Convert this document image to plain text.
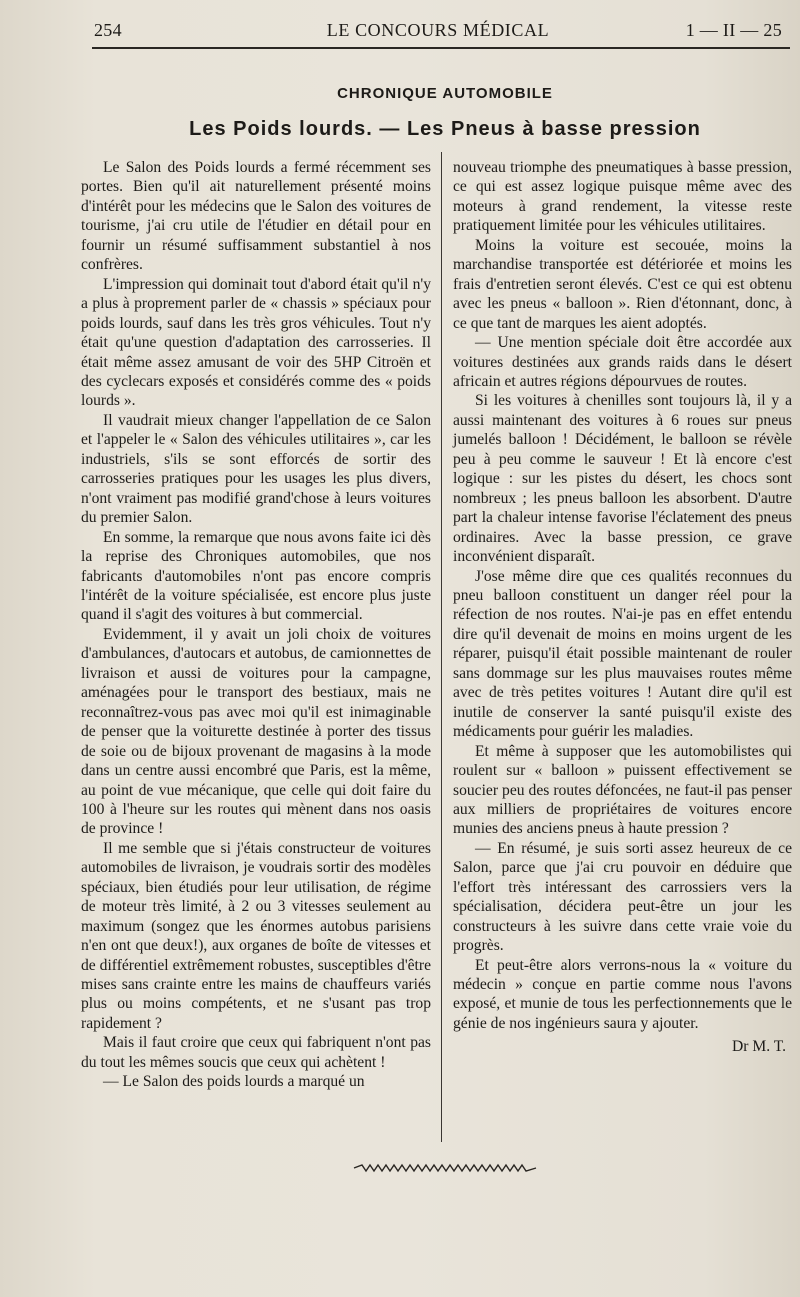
254	LE CONCOURS MÉDICAL	1 — II — 25
CHRONIQUE AUTOMOBILE
Les Poids lourds. — Les Pneus à basse pression

Le Salon des Poids lourds a fermé récemment ses portes. Bien qu'il ait naturellement présenté moins d'intérêt pour les médecins que le Salon des voitures de tourisme, j'ai cru utile de l'étudier en détail pour en fournir un résumé suffisamment substantiel à nos confrères.

L'impression qui dominait tout d'abord était qu'il n'y a plus à proprement parler de « chassis » spéciaux pour poids lourds, sauf dans les très gros véhicules. Tout n'y était qu'une question d'adaptation des carrosseries. Il était même assez amusant de voir des 5HP Citroën et des cyclecars exposés et considérés comme des « poids lourds ».

Il vaudrait mieux changer l'appellation de ce Salon et l'appeler le « Salon des véhicules utilitaires », car les industriels, s'ils se sont efforcés de sortir des carrosseries pratiques pour les usages les plus divers, n'ont vraiment pas modifié grand'chose à leurs voitures du premier Salon.

En somme, la remarque que nous avons faite ici dès la reprise des Chroniques automobiles, que nos fabricants d'automobiles n'ont pas encore compris l'intérêt de la voiture spécialisée, est encore plus juste quand il s'agit des voitures à but commercial.

Evidemment, il y avait un joli choix de voitures d'ambulances, d'autocars et autobus, de camionnettes de livraison et aussi de voitures pour la campagne, aménagées pour le transport des bestiaux, mais ne reconnaîtrez-vous pas avec moi qu'il est inimaginable de penser que la voiturette destinée à porter des tissus de soie ou de bijoux provenant de magasins à la mode dans un centre aussi encombré que Paris, est la même, au point de vue mécanique, que celle qui doit faire du 100 à l'heure sur les routes qui mènent dans nos oasis de province !

Il me semble que si j'étais constructeur de voitures automobiles de livraison, je voudrais sortir des modèles spéciaux, bien étudiés pour leur utilisation, de régime de moteur très limité, à 2 ou 3 vitesses seulement au maximum (songez que les énormes autobus parisiens n'en ont que deux!), aux organes de boîte de vitesses et de différentiel extrêmement robustes, susceptibles d'être mises sans crainte entre les mains de chauffeurs variés plus ou moins compétents, et ne s'usant pas trop rapidement ?

Mais il faut croire que ceux qui fabriquent n'ont pas du tout les mêmes soucis que ceux qui achètent !

— Le Salon des poids lourds a marqué un

nouveau triomphe des pneumatiques à basse pression, ce qui est assez logique puisque même avec des moteurs à grand rendement, la vitesse reste pratiquement limitée pour les véhicules utilitaires.

Moins la voiture est secouée, moins la marchandise transportée est détériorée et moins les frais d'entretien seront élevés. C'est ce qui est obtenu avec les pneus « balloon ». Rien d'étonnant, donc, à ce que tant de marques les aient adoptés.

— Une mention spéciale doit être accordée aux voitures destinées aux grands raids dans le désert africain et autres régions dépourvues de routes.

Si les voitures à chenilles sont toujours là, il y a aussi maintenant des voitures à 6 roues sur pneus jumelés balloon ! Décidément, le balloon se révèle peu à peu comme le sauveur ! Et là encore c'est logique : sur les pistes du désert, les chocs sont nombreux ; les pneus balloon les absorbent. D'autre part la chaleur intense favorise l'éclatement des pneus ordinaires. Avec la basse pression, ce grave inconvénient disparaît.

J'ose même dire que ces qualités reconnues du pneu balloon constituent un danger réel pour la réfection de nos routes. N'ai-je pas en effet entendu dire qu'il devenait de moins en moins urgent de les réparer, puisqu'il était possible maintenant de rouler sans dommage sur les plus mauvaises routes même avec de très petites voitures ! Autant dire qu'il est inutile de conserver la santé puisqu'il existe des médicaments pour guérir les maladies.

Et même à supposer que les automobilistes qui roulent sur « balloon » puissent effectivement se soucier peu des routes défoncées, ne faut-il pas penser aux milliers de propriétaires de voitures encore munies des anciens pneus à haute pression ?

— En résumé, je suis sorti assez heureux de ce Salon, parce que j'ai cru pouvoir en déduire que l'effort très intéressant des carrossiers vers la spécialisation, décidera peut-être un jour les constructeurs à les suivre dans cette vraie voie du progrès.

Et peut-être alors verrons-nous la « voiture du médecin » conçue en partie comme nous l'avons exposé, et munie de tous les perfectionnements que le génie de nos ingénieurs saura y ajouter.

Dr M. T.
